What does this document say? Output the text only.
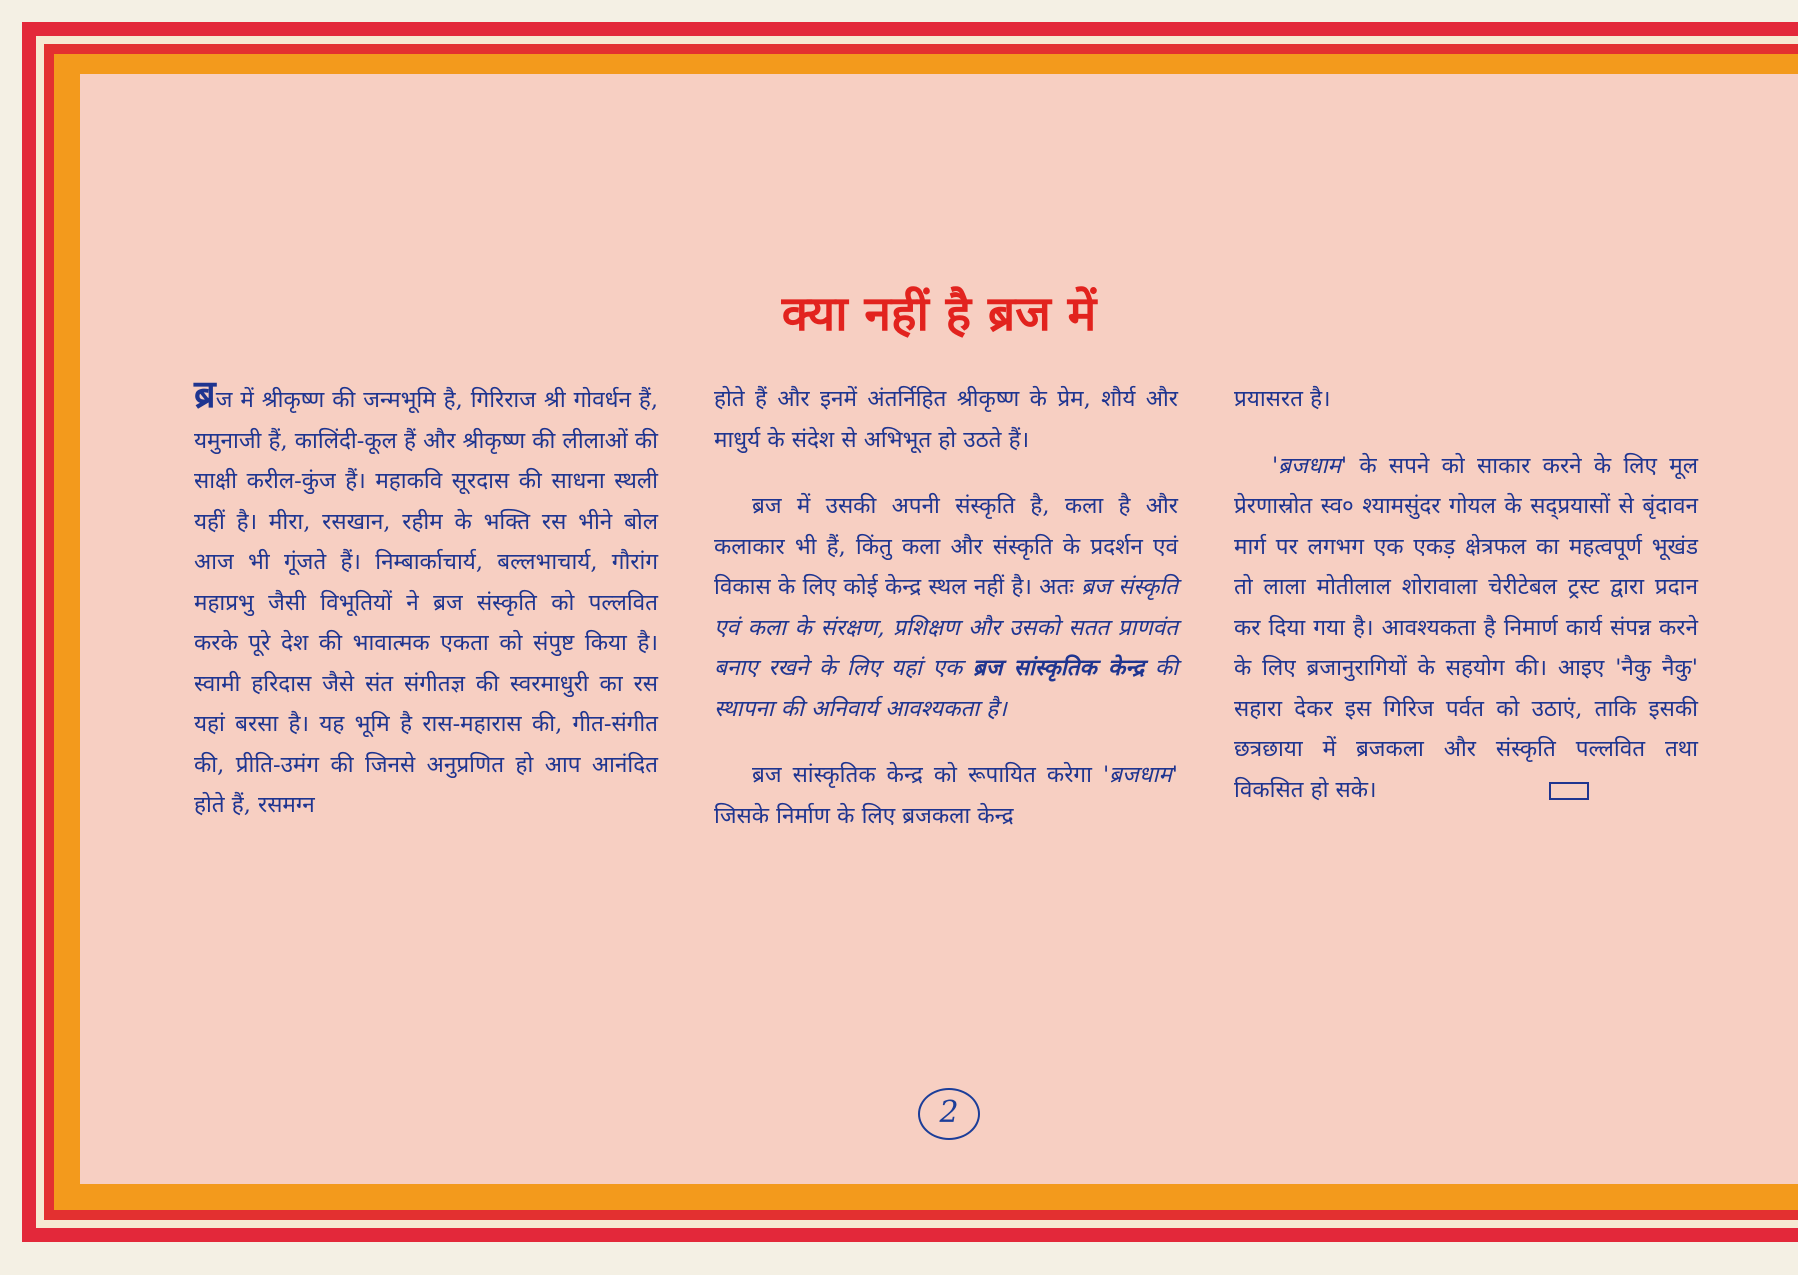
क्या नहीं है ब्रज में

ब्रज में श्रीकृष्ण की जन्मभूमि है, गिरिराज श्री गोवर्धन हैं, यमुनाजी हैं, कालिंदी-कूल हैं और श्रीकृष्ण की लीलाओं की साक्षी करील-कुंज हैं। महाकवि सूरदास की साधना स्थली यहीं है। मीरा, रसखान, रहीम के भक्ति रस भीने बोल आज भी गूंजते हैं। निम्बार्काचार्य, बल्लभाचार्य, गौरांग महाप्रभु जैसी विभूतियों ने ब्रज संस्कृति को पल्लवित करके पूरे देश की भावात्मक एकता को संपुष्ट किया है। स्वामी हरिदास जैसे संत संगीतज्ञ की स्वरमाधुरी का रस यहां बरसा है। यह भूमि है रास-महारास की, गीत-संगीत की, प्रीति-उमंग की जिनसे अनुप्रणित हो आप आनंदित होते हैं, रसमग्न

होते हैं और इनमें अंतर्निहित श्रीकृष्ण के प्रेम, शौर्य और माधुर्य के संदेश से अभिभूत हो उठते हैं।

ब्रज में उसकी अपनी संस्कृति है, कला है और कलाकार भी हैं, किंतु कला और संस्कृति के प्रदर्शन एवं विकास के लिए कोई केन्द्र स्थल नहीं है। अतः ब्रज संस्कृति एवं कला के संरक्षण, प्रशिक्षण और उसको सतत प्राणवंत बनाए रखने के लिए यहां एक ब्रज सांस्कृतिक केन्द्र की स्थापना की अनिवार्य आवश्यकता है।

ब्रज सांस्कृतिक केन्द्र को रूपायित करेगा 'ब्रजधाम' जिसके निर्माण के लिए ब्रजकला केन्द्र

प्रयासरत है।

'ब्रजधाम' के सपने को साकार करने के लिए मूल प्रेरणास्रोत स्व० श्यामसुंदर गोयल के सद्प्रयासों से बृंदावन मार्ग पर लगभग एक एकड़ क्षेत्रफल का महत्वपूर्ण भूखंड तो लाला मोतीलाल शोरावाला चेरीटेबल ट्रस्ट द्वारा प्रदान कर दिया गया है। आवश्यकता है निमार्ण कार्य संपन्न करने के लिए ब्रजानुरागियों के सहयोग की। आइए 'नैकु नैकु' सहारा देकर इस गिरिज पर्वत को उठाएं, ताकि इसकी छत्रछाया में ब्रजकला और संस्कृति पल्लवित तथा विकसित हो सके।

2
